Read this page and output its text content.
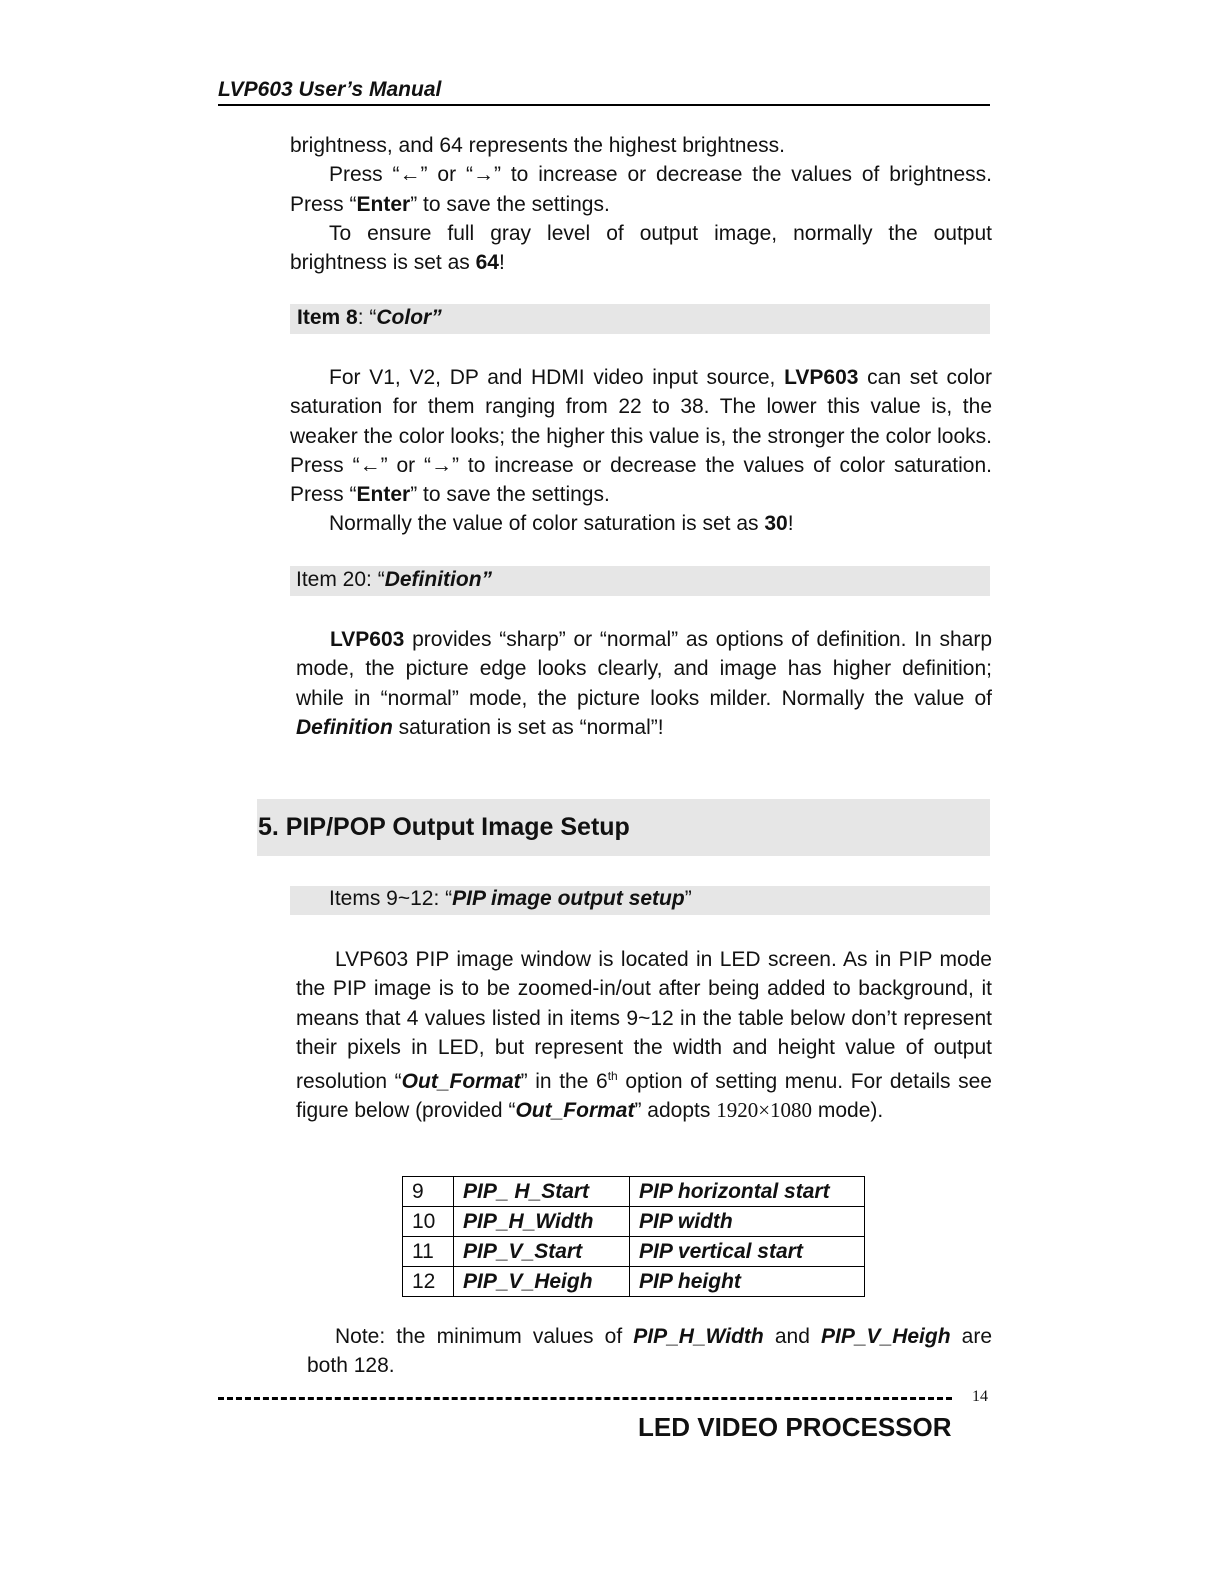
LVP603 User’s Manual

brightness, and 64 represents the highest brightness.

Press “←” or “→” to increase or decrease the values of brightness. Press “Enter” to save the settings.

To ensure full gray level of output image, normally the output brightness is set as 64!

Item 8: “Color”

For V1, V2, DP and HDMI video input source, LVP603 can set color saturation for them ranging from 22 to 38. The lower this value is, the weaker the color looks; the higher this value is, the stronger the color looks. Press “←” or “→” to increase or decrease the values of color saturation. Press “Enter” to save the settings.

Normally the value of color saturation is set as 30!

Item 20: “Definition”

LVP603 provides “sharp” or “normal” as options of definition. In sharp mode, the picture edge looks clearly, and image has higher definition; while in “normal” mode, the picture looks milder. Normally the value of Definition saturation is set as “normal”!

5. PIP/POP Output Image Setup
Items 9~12: “PIP image output setup”

LVP603 PIP image window is located in LED screen. As in PIP mode the PIP image is to be zoomed-in/out after being added to background, it means that 4 values listed in items 9~12 in the table below don’t represent their pixels in LED, but represent the width and height value of output resolution “Out_Format” in the 6th option of setting menu. For details see figure below (provided “Out_Format” adopts 1920×1080 mode).

9	PIP_ H_Start	PIP horizontal start
10	PIP_H_Width	PIP width
11	PIP_V_Start	PIP vertical start
12	PIP_V_Heigh	PIP height

Note: the minimum values of PIP_H_Width and PIP_V_Heigh are both 128.

14
LED VIDEO PROCESSOR
